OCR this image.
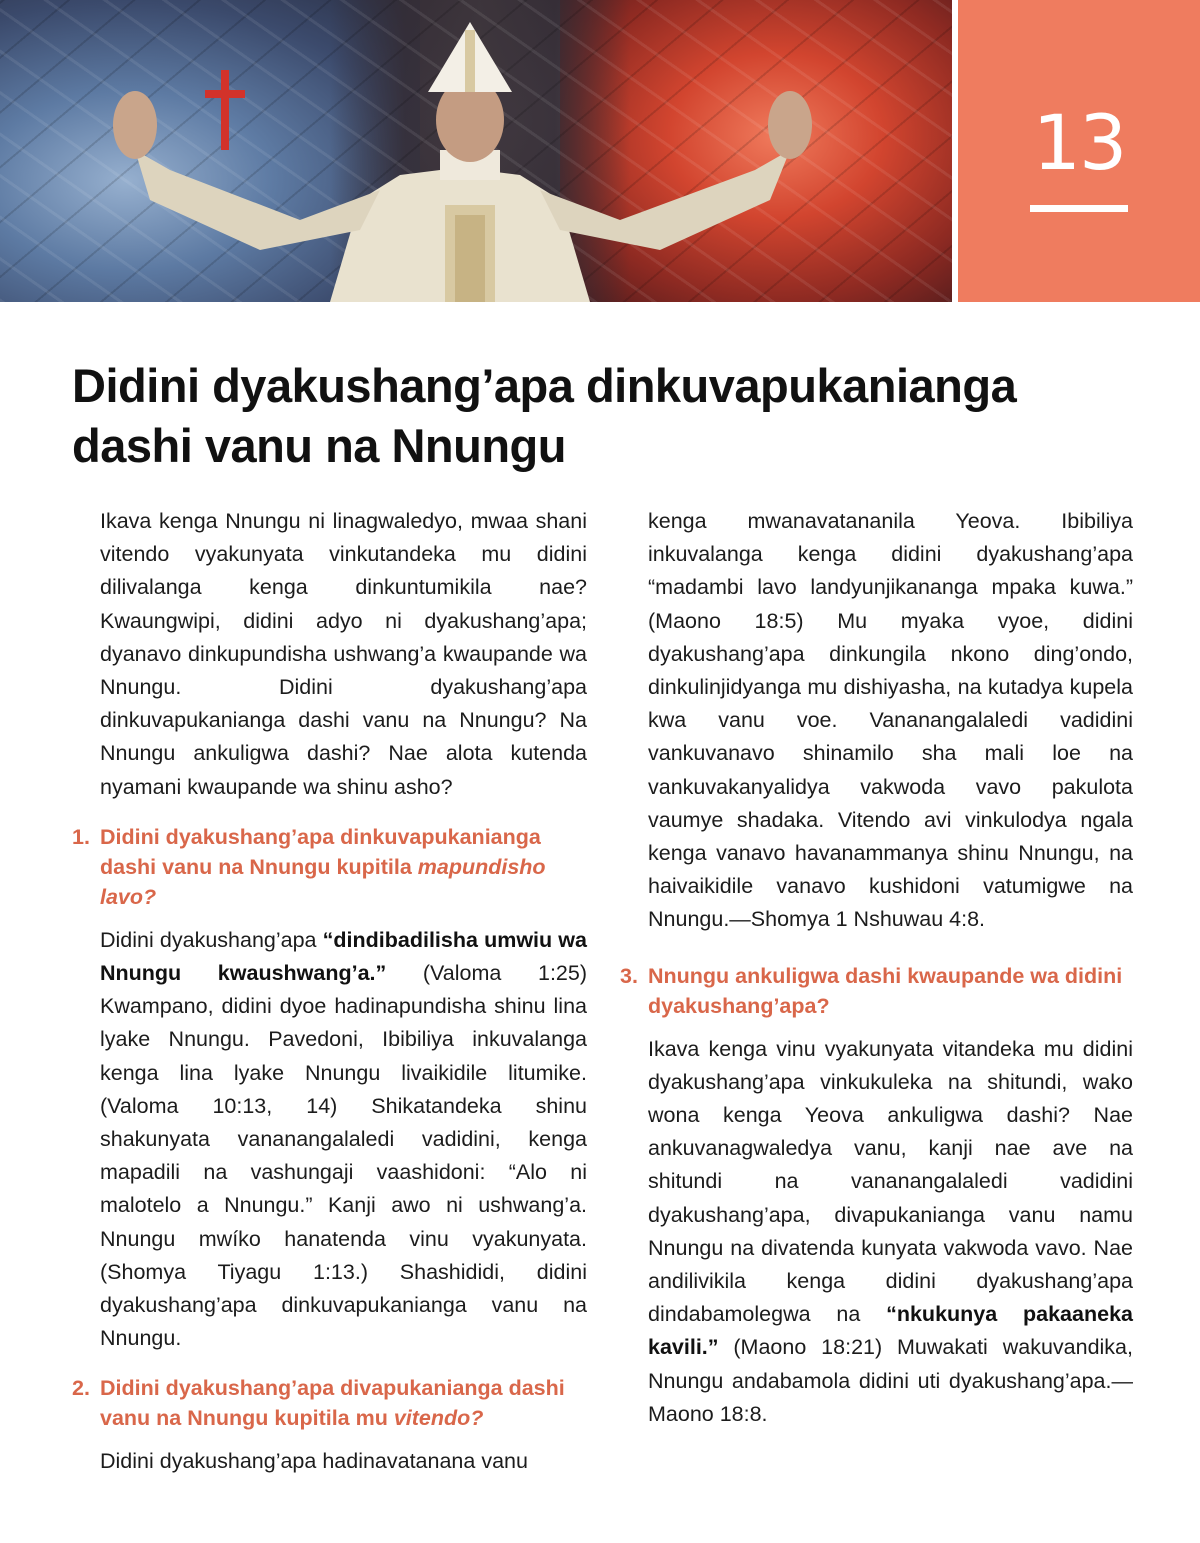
13
Didini dyakushang’apa dinkuvapukanianga dashi vanu na Nnungu

Ikava kenga Nnungu ni linagwaledyo, mwaa shani vitendo vyakunyata vinkutandeka mu didini dilivalanga kenga dinkuntumikila nae? Kwaungwipi, didini adyo ni dyakushang’apa; dyanavo dinkupundisha ushwang’a kwaupande wa Nnungu. Didini dyakushang’apa dinkuvapukanianga dashi vanu na Nnungu? Na Nnungu ankuligwa dashi? Nae alota kutenda nyamani kwaupande wa shinu asho?

1. Didini dyakushang’apa dinkuvapukanianga dashi vanu na Nnungu kupitila mapundisho lavo?

Didini dyakushang’apa “dindibadilisha umwiu wa Nnungu kwaushwang’a.” (Valoma 1:25) Kwampano, didini dyoe hadinapundisha shinu lina lyake Nnungu. Pavedoni, Ibibiliya inkuvalanga kenga lina lyake Nnungu livaikidile litumike. (Valoma 10:13, 14) Shikatandeka shinu shakunyata vananangalaledi vadidini, kenga mapadili na vashungaji vaashidoni: “Alo ni malotelo a Nnungu.” Kanji awo ni ushwang’a. Nnungu mwíko hanatenda vinu vyakunyata. (Shomya Tiyagu 1:13.) Shashididi, didini dyakushang’apa dinkuvapukanianga vanu na Nnungu.

2. Didini dyakushang’apa divapukanianga dashi vanu na Nnungu kupitila mu vitendo?

Didini dyakushang’apa hadinavatanana vanu

kenga mwanavatananila Yeova. Ibibiliya inkuvalanga kenga didini dyakushang’apa “madambi lavo landyunjikananga mpaka kuwa.” (Maono 18:5) Mu myaka vyoe, didini dyakushang’apa dinkungila nkono ding’ondo, dinkulinjidyanga mu dishiyasha, na kutadya kupela kwa vanu voe. Vananangalaledi vadidini vankuvanavo shinamilo sha mali loe na vankuvakanyalidya vakwoda vavo pakulota vaumye shadaka. Vitendo avi vinkulodya ngala kenga vanavo havanammanya shinu Nnungu, na haivaikidile vanavo kushidoni vatumigwe na Nnungu.—Shomya 1 Nshuwau 4:8.

3. Nnungu ankuligwa dashi kwaupande wa didini dyakushang’apa?

Ikava kenga vinu vyakunyata vitandeka mu didini dyakushang’apa vinkukuleka na shitundi, wako wona kenga Yeova ankuligwa dashi? Nae ankuvanagwaledya vanu, kanji nae ave na shitundi na vananangalaledi vadidini dyakushang’apa, divapukanianga vanu namu Nnungu na divatenda kunyata vakwoda vavo. Nae andilivikila kenga didini dyakushang’apa dindabamolegwa na “nkukunya pakaaneka kavili.” (Maono 18:21) Muwakati wakuvandika, Nnungu andabamola didini uti dyakushang’apa.—Maono 18:8.
